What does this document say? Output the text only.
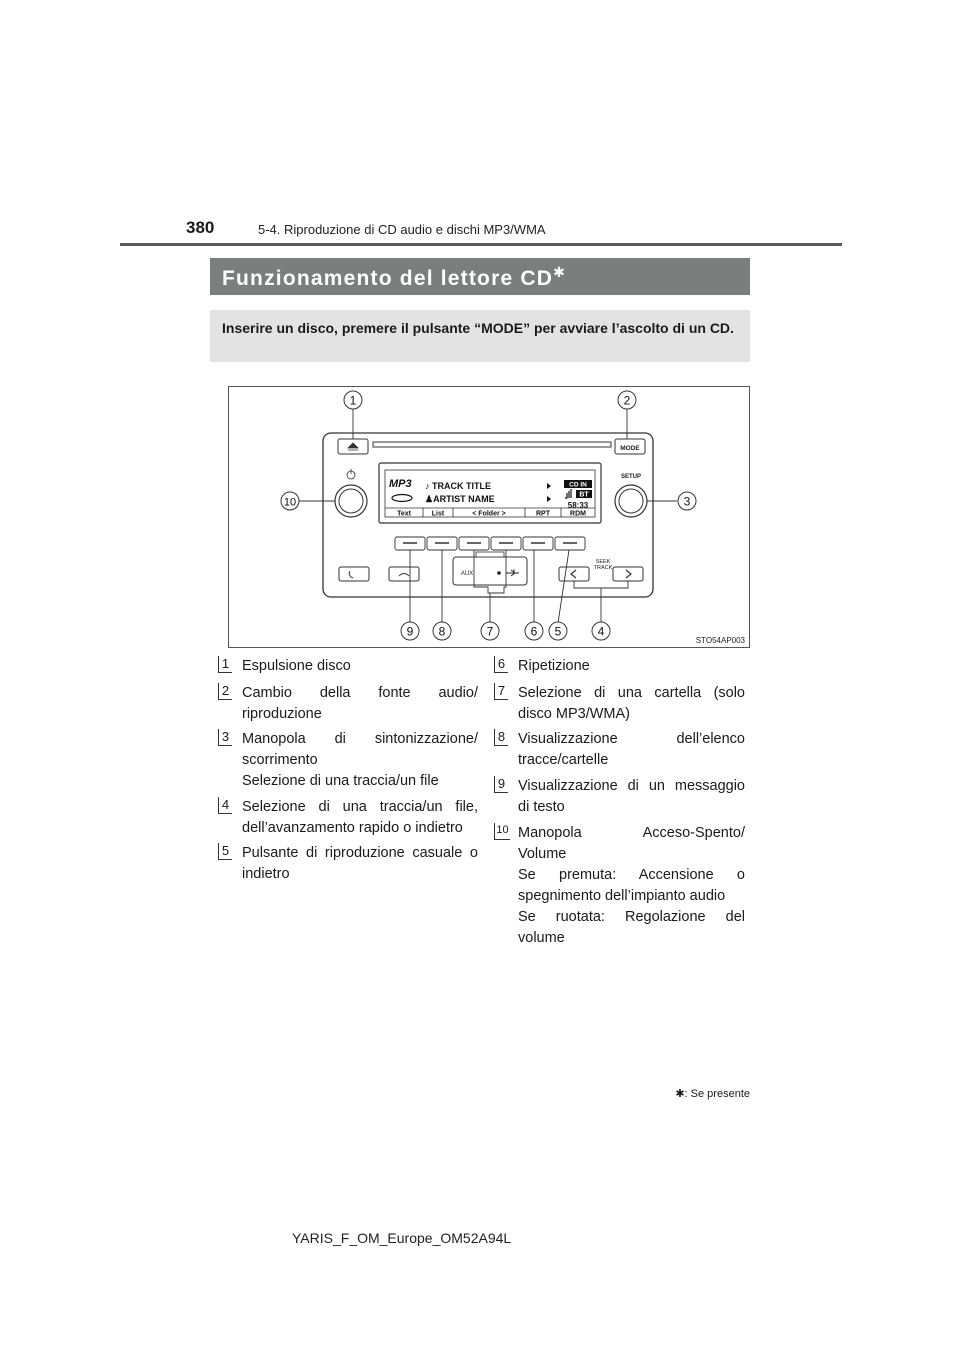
380	5-4. Riproduzione di CD audio e dischi MP3/WMA
Funzionamento del lettore CD✱
Inserire un disco, premere il pulsante “MODE” per avviare l’ascolto di un CD.
MODE
SETUP
MP3 ♪ TRACK TITLE
♟ARTIST NAME
CD IN
BT
58:33
Text	List	< Folder >	RPT	RDM
AUX
SEEK
TRACK
1	2
3
4
5
6
7
8
9
10
STO54AP003
1 Espulsione disco
2 Cambio della fonte audio/
riproduzione
3 Manopola di sintonizzazione/
scorrimento
Selezione di una traccia/un file
4 Selezione di una traccia/un file,
dell’avanzamento rapido o indietro
5 Pulsante di riproduzione casuale o
indietro
6 Ripetizione
7 Selezione di una cartella (solo
disco MP3/WMA)
8 Visualizzazione dell’elenco
tracce/cartelle
9 Visualizzazione di un messaggio
di testo
10 Manopola Acceso-Spento/
Volume
Se premuta: Accensione o
spegnimento dell’impianto audio
Se ruotata: Regolazione del
volume
✱: Se presente
YARIS_F_OM_Europe_OM52A94L
